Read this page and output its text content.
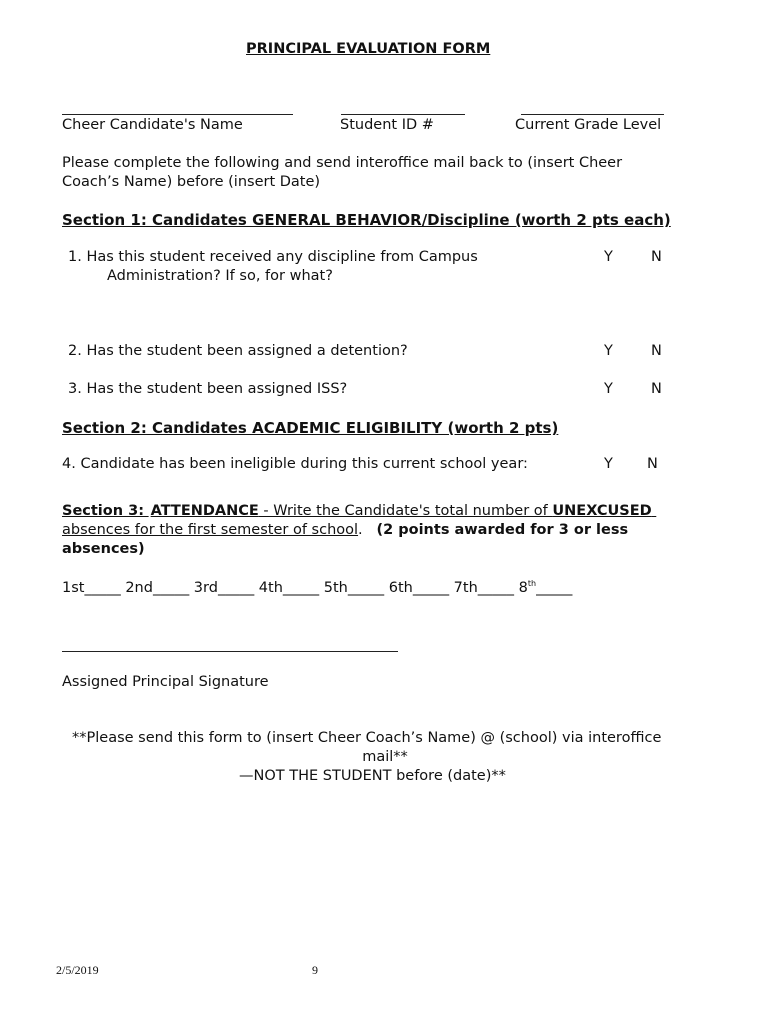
PRINCIPAL EVALUATION FORM
Cheer Candidate's Name	Student ID #	Current Grade Level
Please complete the following and send interoffice mail back to (insert Cheer
Coach’s Name) before (insert Date)
Section 1: Candidates GENERAL BEHAVIOR/Discipline (worth 2 pts each)
1. Has this student received any discipline from Campus
Administration? If so, for what?
Y	N
2. Has the student been assigned a detention?	Y	N
3. Has the student been assigned ISS?	Y	N
Section 2: Candidates ACADEMIC ELIGIBILITY (worth 2 pts)
4. Candidate has been ineligible during this current school year:	Y N
Section 3: ATTENDANCE - Write the Candidate's total number of UNEXCUSED
absences for the first semester of school.   (2 points awarded for 3 or less
absences)
1st_____ 2nd_____ 3rd_____ 4th_____ 5th_____ 6th_____ 7th_____ 8th_____
Assigned Principal Signature
**Please send this form to (insert Cheer Coach’s Name) @ (school) via interoffice
mail**
—NOT THE STUDENT before (date)**
2/5/2019	9
